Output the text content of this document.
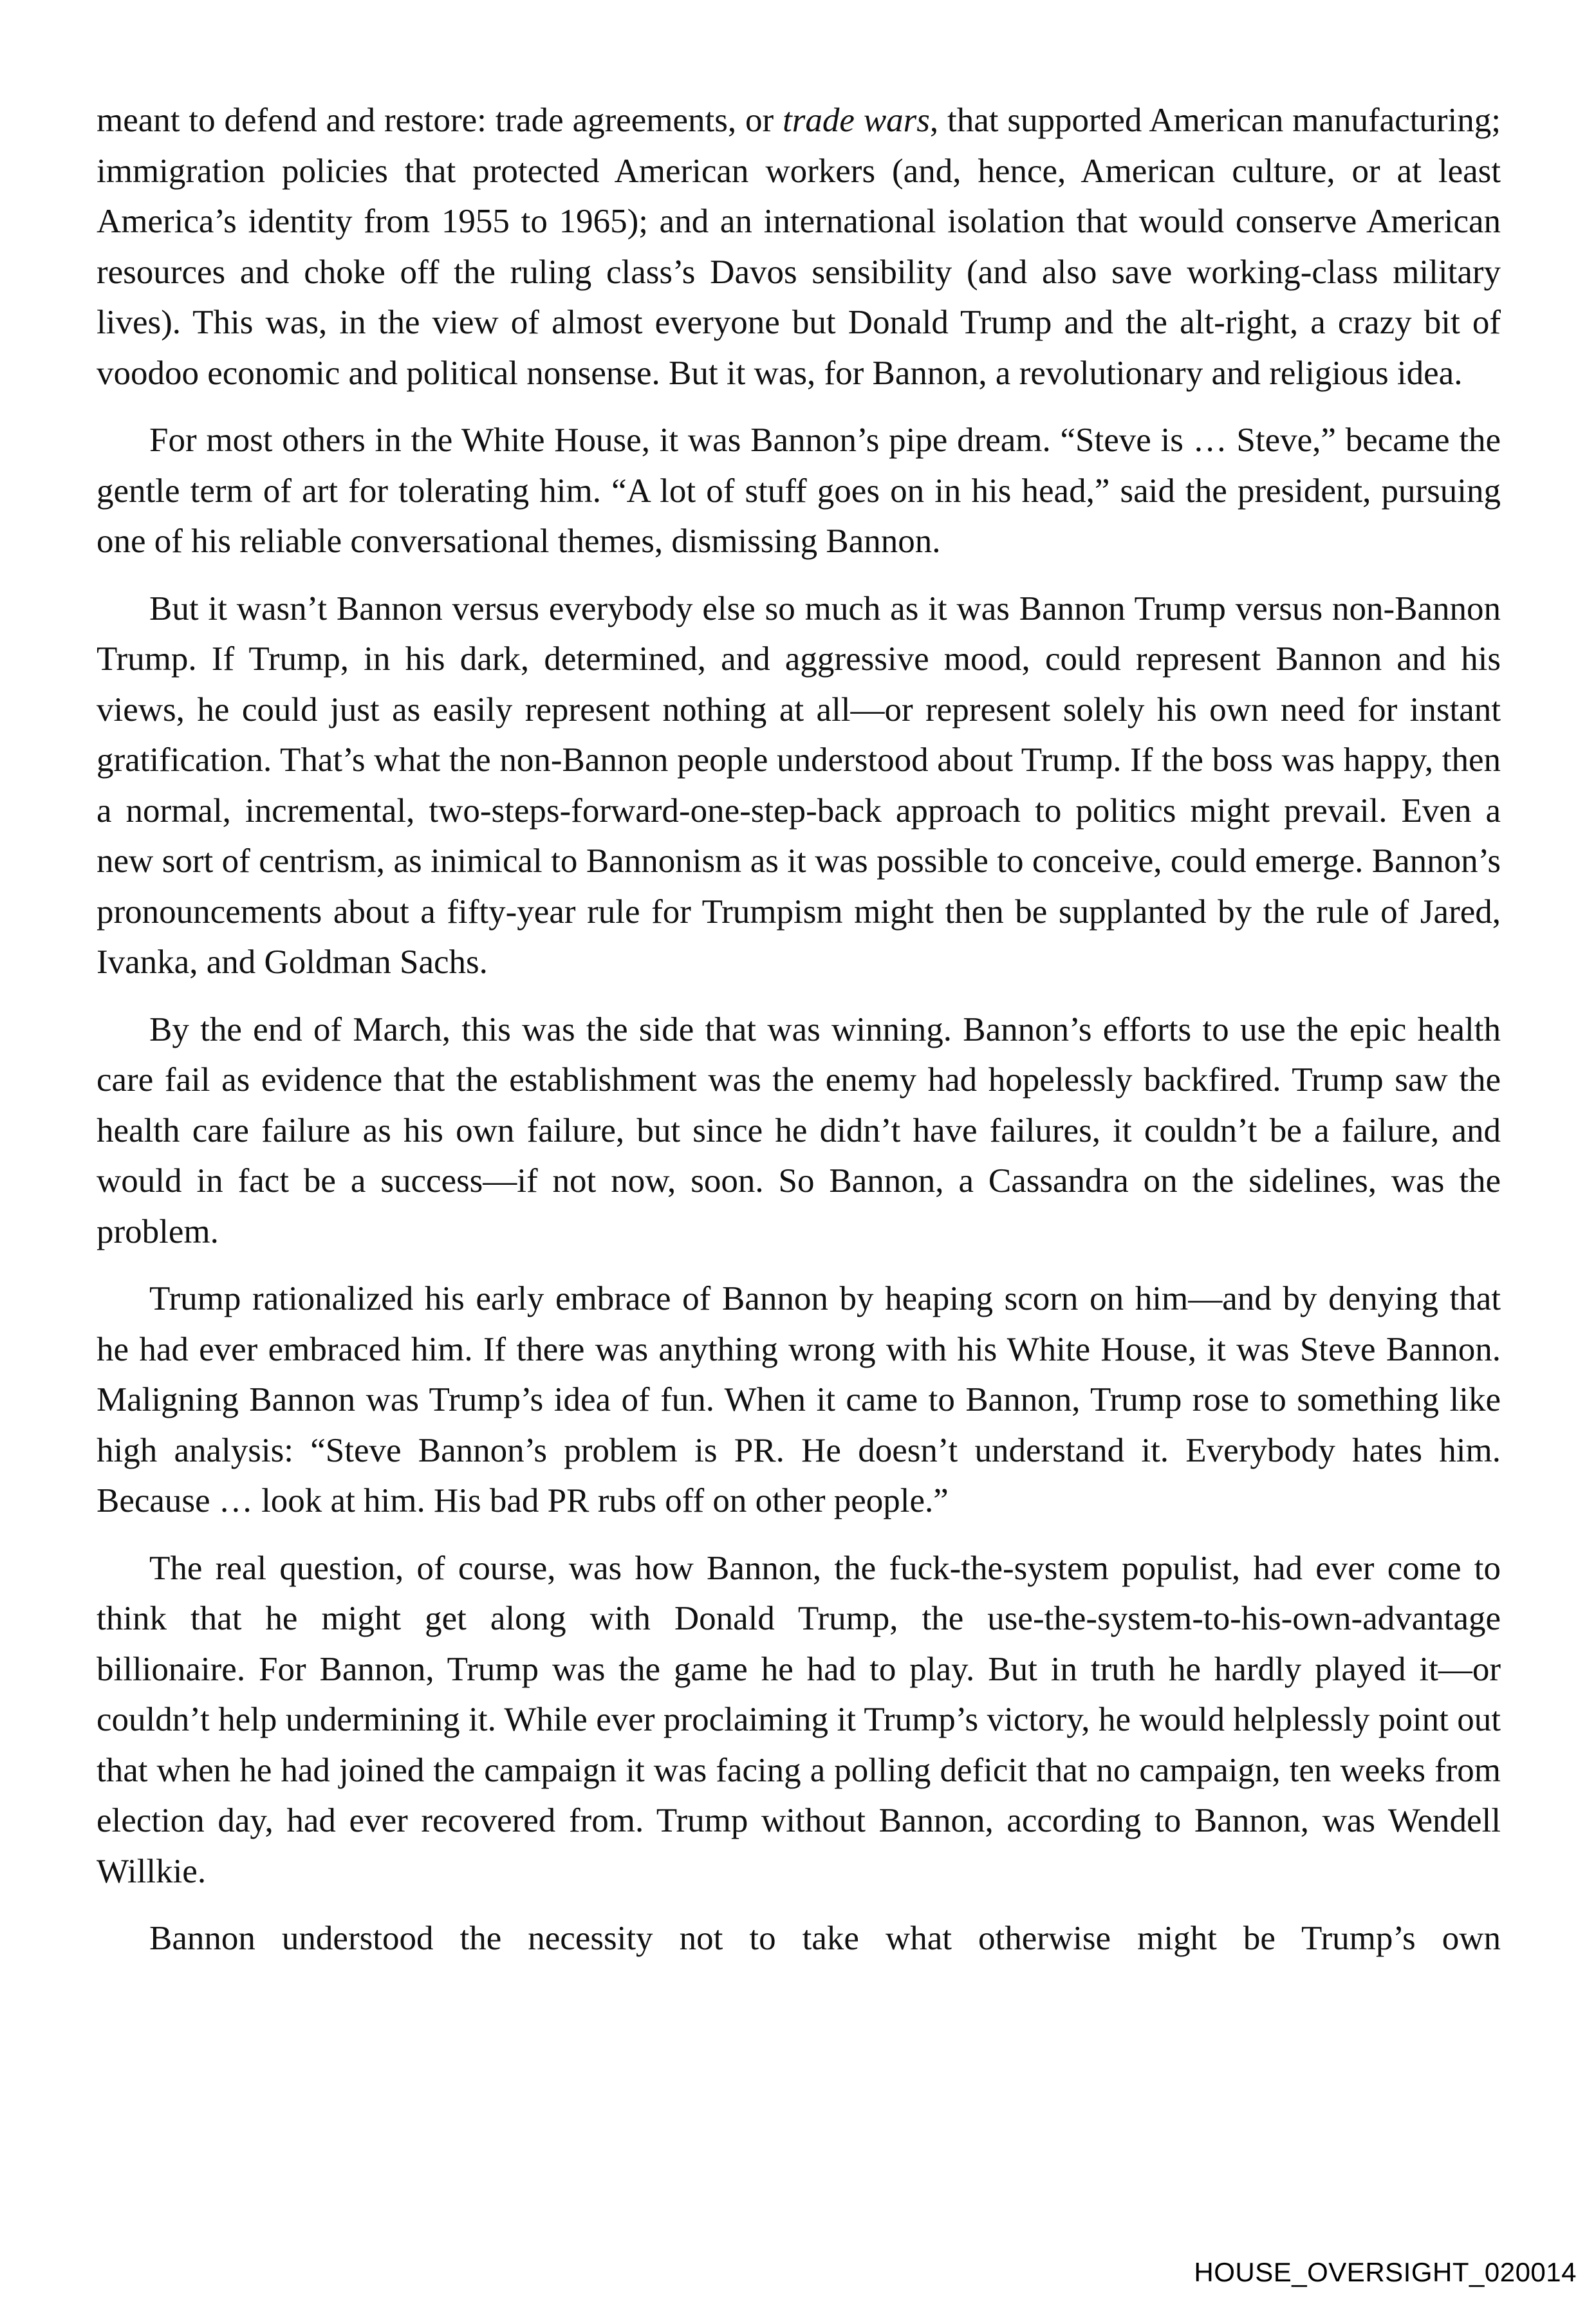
meant to defend and restore: trade agreements, or trade wars, that supported American manufacturing; immigration policies that protected American workers (and, hence, American culture, or at least America’s identity from 1955 to 1965); and an international isolation that would conserve American resources and choke off the ruling class’s Davos sensibility (and also save working-class military lives). This was, in the view of almost everyone but Donald Trump and the alt-right, a crazy bit of voodoo economic and political nonsense. But it was, for Bannon, a revolutionary and religious idea.

For most others in the White House, it was Bannon’s pipe dream. “Steve is … Steve,” became the gentle term of art for tolerating him. “A lot of stuff goes on in his head,” said the president, pursuing one of his reliable conversational themes, dismissing Bannon.

But it wasn’t Bannon versus everybody else so much as it was Bannon Trump versus non-Bannon Trump. If Trump, in his dark, determined, and aggressive mood, could represent Bannon and his views, he could just as easily represent nothing at all—or represent solely his own need for instant gratification. That’s what the non-Bannon people understood about Trump. If the boss was happy, then a normal, incremental, two-steps-forward-one-step-back approach to politics might prevail. Even a new sort of centrism, as inimical to Bannonism as it was possible to conceive, could emerge. Bannon’s pronouncements about a fifty-year rule for Trumpism might then be supplanted by the rule of Jared, Ivanka, and Goldman Sachs.

By the end of March, this was the side that was winning. Bannon’s efforts to use the epic health care fail as evidence that the establishment was the enemy had hopelessly backfired. Trump saw the health care failure as his own failure, but since he didn’t have failures, it couldn’t be a failure, and would in fact be a success—if not now, soon. So Bannon, a Cassandra on the sidelines, was the problem.

Trump rationalized his early embrace of Bannon by heaping scorn on him—and by denying that he had ever embraced him. If there was anything wrong with his White House, it was Steve Bannon. Maligning Bannon was Trump’s idea of fun. When it came to Bannon, Trump rose to something like high analysis: “Steve Bannon’s problem is PR. He doesn’t understand it. Everybody hates him. Because … look at him. His bad PR rubs off on other people.”

The real question, of course, was how Bannon, the fuck-the-system populist, had ever come to think that he might get along with Donald Trump, the use-the-system-to-his-own-advantage billionaire. For Bannon, Trump was the game he had to play. But in truth he hardly played it—or couldn’t help undermining it. While ever proclaiming it Trump’s victory, he would helplessly point out that when he had joined the campaign it was facing a polling deficit that no campaign, ten weeks from election day, had ever recovered from. Trump without Bannon, according to Bannon, was Wendell Willkie.

Bannon understood the necessity not to take what otherwise might be Trump’s own

HOUSE_OVERSIGHT_020014
